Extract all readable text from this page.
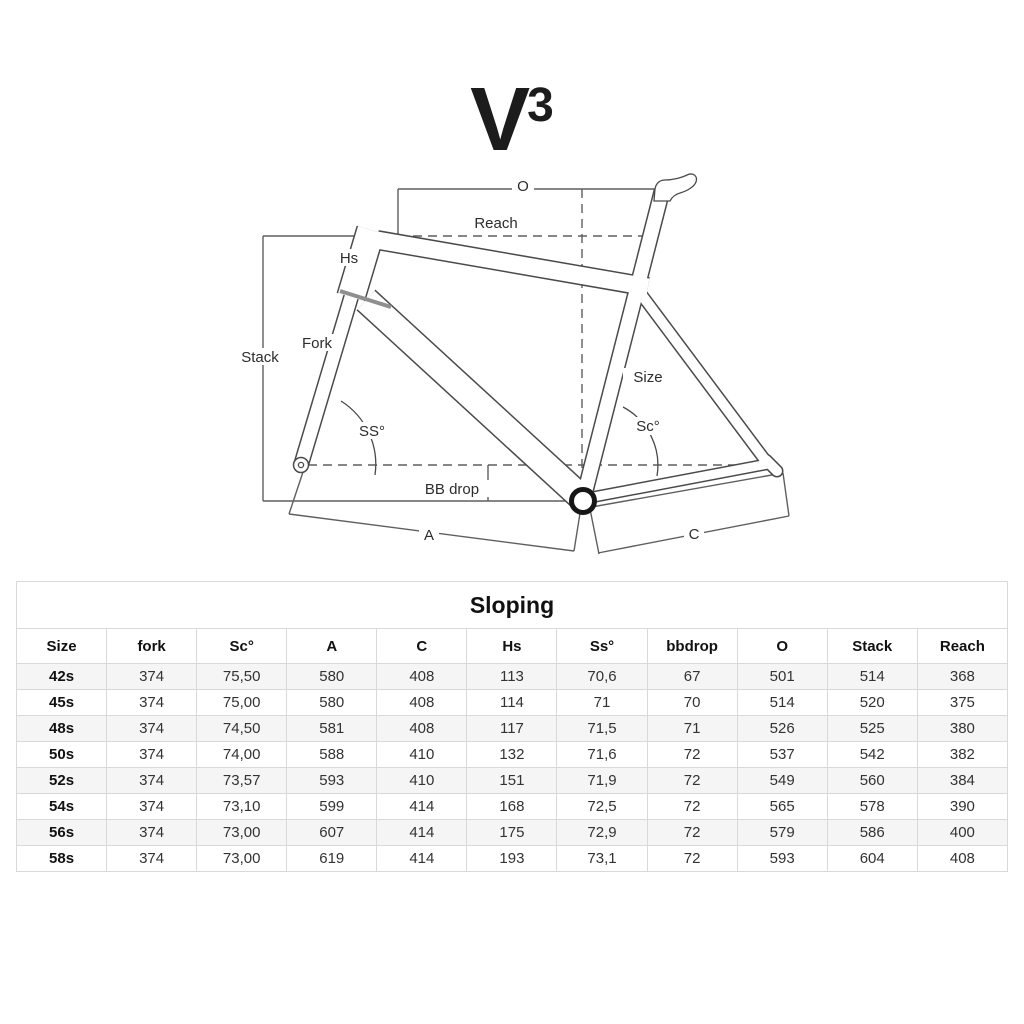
V 3
O
Reach
Hs
Stack
Fork
SS°
Size
Sc°
BB drop
A	C
Sloping										
Size	fork	Sc°	A	C	Hs	Ss°	bbdrop	O	Stack	Reach
42s	374	75,50	580	408	113	70,6	67	501	514	368
45s	374	75,00	580	408	114	71	70	514	520	375
48s	374	74,50	581	408	117	71,5	71	526	525	380
50s	374	74,00	588	410	132	71,6	72	537	542	382
52s	374	73,57	593	410	151	71,9	72	549	560	384
54s	374	73,10	599	414	168	72,5	72	565	578	390
56s	374	73,00	607	414	175	72,9	72	579	586	400
58s	374	73,00	619	414	193	73,1	72	593	604	408
